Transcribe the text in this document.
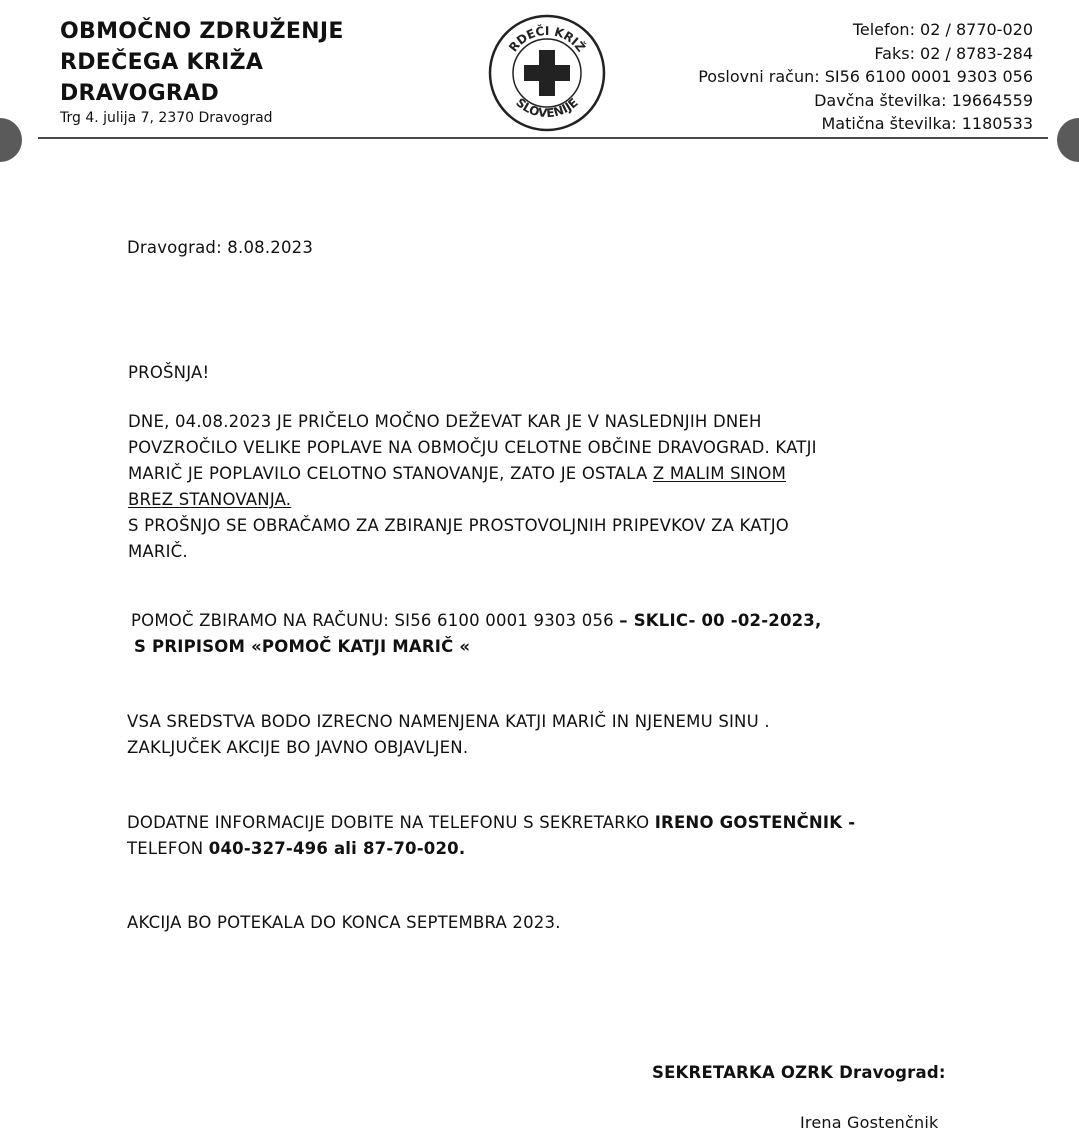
OBMOČNO ZDRUŽENJE
RDEČEGA KRIŽA
DRAVOGRAD
Trg 4. julija 7, 2370 Dravograd
RDEČI KRIŽ
SLOVENIJE
Telefon: 02 / 8770-020
Faks: 02 / 8783-284
Poslovni račun: SI56 6100 0001 9303 056
Davčna številka: 19664559
Matična številka: 1180533
Dravograd: 8.08.2023
PROŠNJA!
DNE, 04.08.2023 JE PRIČELO MOČNO DEŽEVAT KAR JE V NASLEDNJIH DNEH
POVZROČILO VELIKE POPLAVE NA OBMOČJU CELOTNE OBČINE DRAVOGRAD. KATJI
MARIČ JE POPLAVILO CELOTNO STANOVANJE, ZATO JE OSTALA Z MALIM SINOM
BREZ STANOVANJA.
S PROŠNJO SE OBRAČAMO ZA ZBIRANJE PROSTOVOLJNIH PRIPEVKOV ZA KATJO
MARIČ.
POMOČ ZBIRAMO NA RAČUNU: SI56 6100 0001 9303 056 – SKLIC- 00 -02-2023,
S PRIPISOM «POMOČ KATJI MARIČ «
VSA SREDSTVA BODO IZRECNO NAMENJENA KATJI MARIČ IN NJENEMU SINU .
ZAKLJUČEK AKCIJE BO JAVNO OBJAVLJEN.
DODATNE INFORMACIJE DOBITE NA TELEFONU S SEKRETARKO IRENO GOSTENČNIK -
TELEFON 040-327-496 ali 87-70-020.
AKCIJA BO POTEKALA DO KONCA SEPTEMBRA 2023.
SEKRETARKA OZRK Dravograd:
Irena Gostenčnik
